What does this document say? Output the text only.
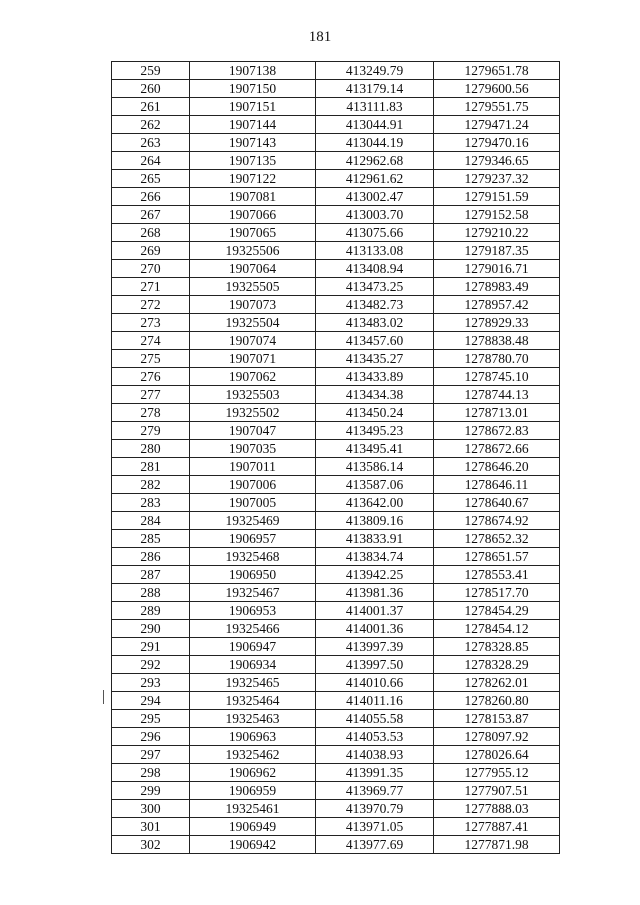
181
259	1907138	413249.79	1279651.78
260	1907150	413179.14	1279600.56
261	1907151	413111.83	1279551.75
262	1907144	413044.91	1279471.24
263	1907143	413044.19	1279470.16
264	1907135	412962.68	1279346.65
265	1907122	412961.62	1279237.32
266	1907081	413002.47	1279151.59
267	1907066	413003.70	1279152.58
268	1907065	413075.66	1279210.22
269	19325506	413133.08	1279187.35
270	1907064	413408.94	1279016.71
271	19325505	413473.25	1278983.49
272	1907073	413482.73	1278957.42
273	19325504	413483.02	1278929.33
274	1907074	413457.60	1278838.48
275	1907071	413435.27	1278780.70
276	1907062	413433.89	1278745.10
277	19325503	413434.38	1278744.13
278	19325502	413450.24	1278713.01
279	1907047	413495.23	1278672.83
280	1907035	413495.41	1278672.66
281	1907011	413586.14	1278646.20
282	1907006	413587.06	1278646.11
283	1907005	413642.00	1278640.67
284	19325469	413809.16	1278674.92
285	1906957	413833.91	1278652.32
286	19325468	413834.74	1278651.57
287	1906950	413942.25	1278553.41
288	19325467	413981.36	1278517.70
289	1906953	414001.37	1278454.29
290	19325466	414001.36	1278454.12
291	1906947	413997.39	1278328.85
292	1906934	413997.50	1278328.29
293	19325465	414010.66	1278262.01
294	19325464	414011.16	1278260.80
295	19325463	414055.58	1278153.87
296	1906963	414053.53	1278097.92
297	19325462	414038.93	1278026.64
298	1906962	413991.35	1277955.12
299	1906959	413969.77	1277907.51
300	19325461	413970.79	1277888.03
301	1906949	413971.05	1277887.41
302	1906942	413977.69	1277871.98
